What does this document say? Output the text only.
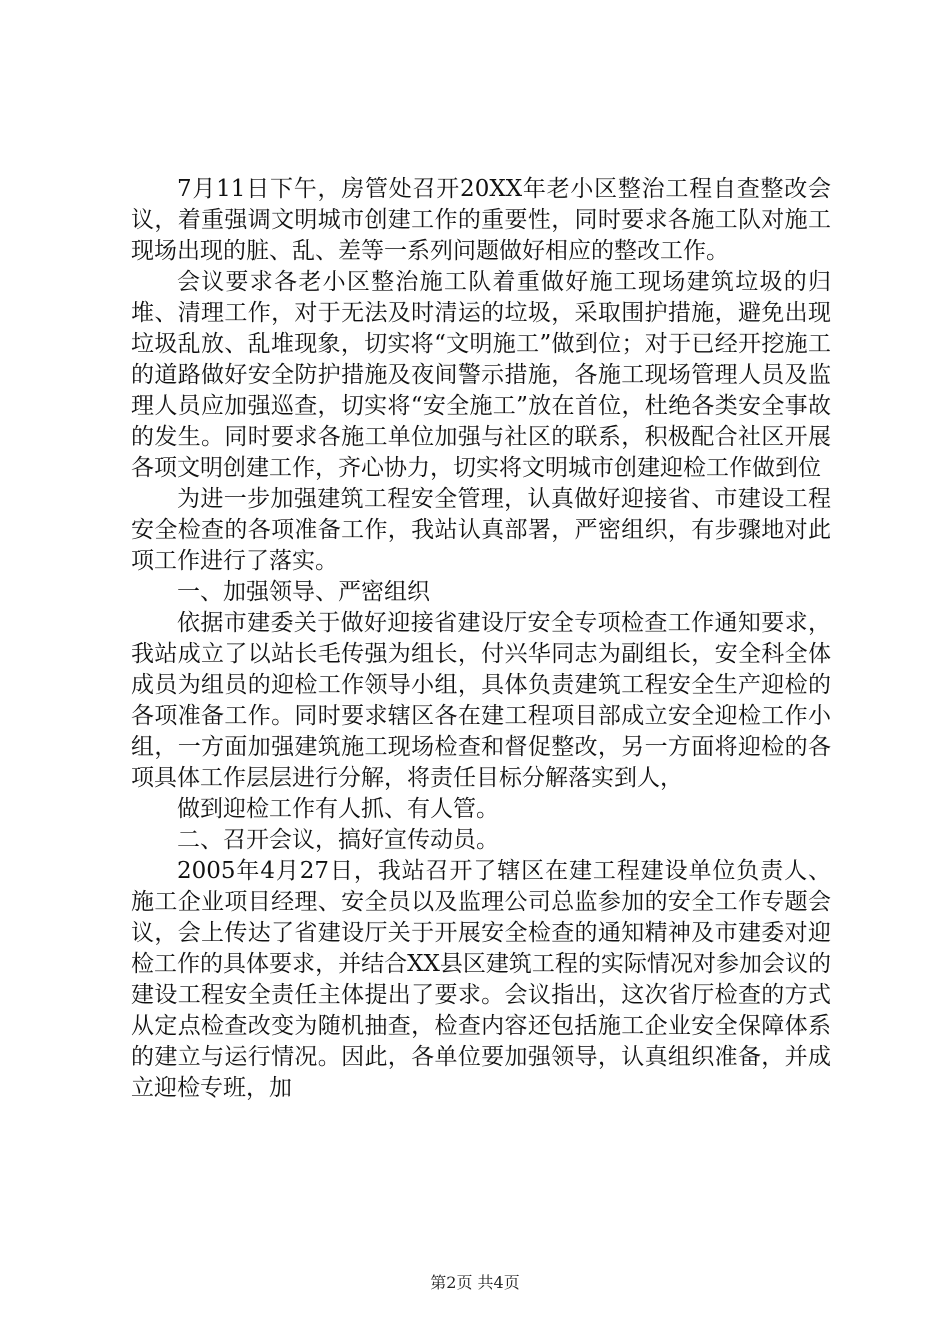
7月11日下午，房管处召开20XX年老小区整治工程自查整改会议，着重强调文明城市创建工作的重要性，同时要求各施工队对施工现场出现的脏、乱、差等一系列问题做好相应的整改工作。

会议要求各老小区整治施工队着重做好施工现场建筑垃圾的归堆、清理工作，对于无法及时清运的垃圾，采取围护措施，避免出现垃圾乱放、乱堆现象，切实将“文明施工”做到位；对于已经开挖施工的道路做好安全防护措施及夜间警示措施，各施工现场管理人员及监理人员应加强巡查，切实将“安全施工”放在首位，杜绝各类安全事故的发生。同时要求各施工单位加强与社区的联系，积极配合社区开展各项文明创建工作，齐心协力，切实将文明城市创建迎检工作做到位

为进一步加强建筑工程安全管理，认真做好迎接省、市建设工程安全检查的各项准备工作，我站认真部署，严密组织，有步骤地对此项工作进行了落实。

一、加强领导、严密组织

依据市建委关于做好迎接省建设厅安全专项检查工作通知要求，我站成立了以站长毛传强为组长，付兴华同志为副组长，安全科全体成员为组员的迎检工作领导小组，具体负责建筑工程安全生产迎检的各项准备工作。同时要求辖区各在建工程项目部成立安全迎检工作小组，一方面加强建筑施工现场检查和督促整改，另一方面将迎检的各项具体工作层层进行分解，将责任目标分解落实到人，

做到迎检工作有人抓、有人管。

二、召开会议，搞好宣传动员。

2005年4月27日，我站召开了辖区在建工程建设单位负责人、施工企业项目经理、安全员以及监理公司总监参加的安全工作专题会议，会上传达了省建设厅关于开展安全检查的通知精神及市建委对迎检工作的具体要求，并结合XX县区建筑工程的实际情况对参加会议的建设工程安全责任主体提出了要求。会议指出，这次省厅检查的方式从定点检查改变为随机抽查，检查内容还包括施工企业安全保障体系的建立与运行情况。因此，各单位要加强领导，认真组织准备，并成立迎检专班，加

第2页 共4页
